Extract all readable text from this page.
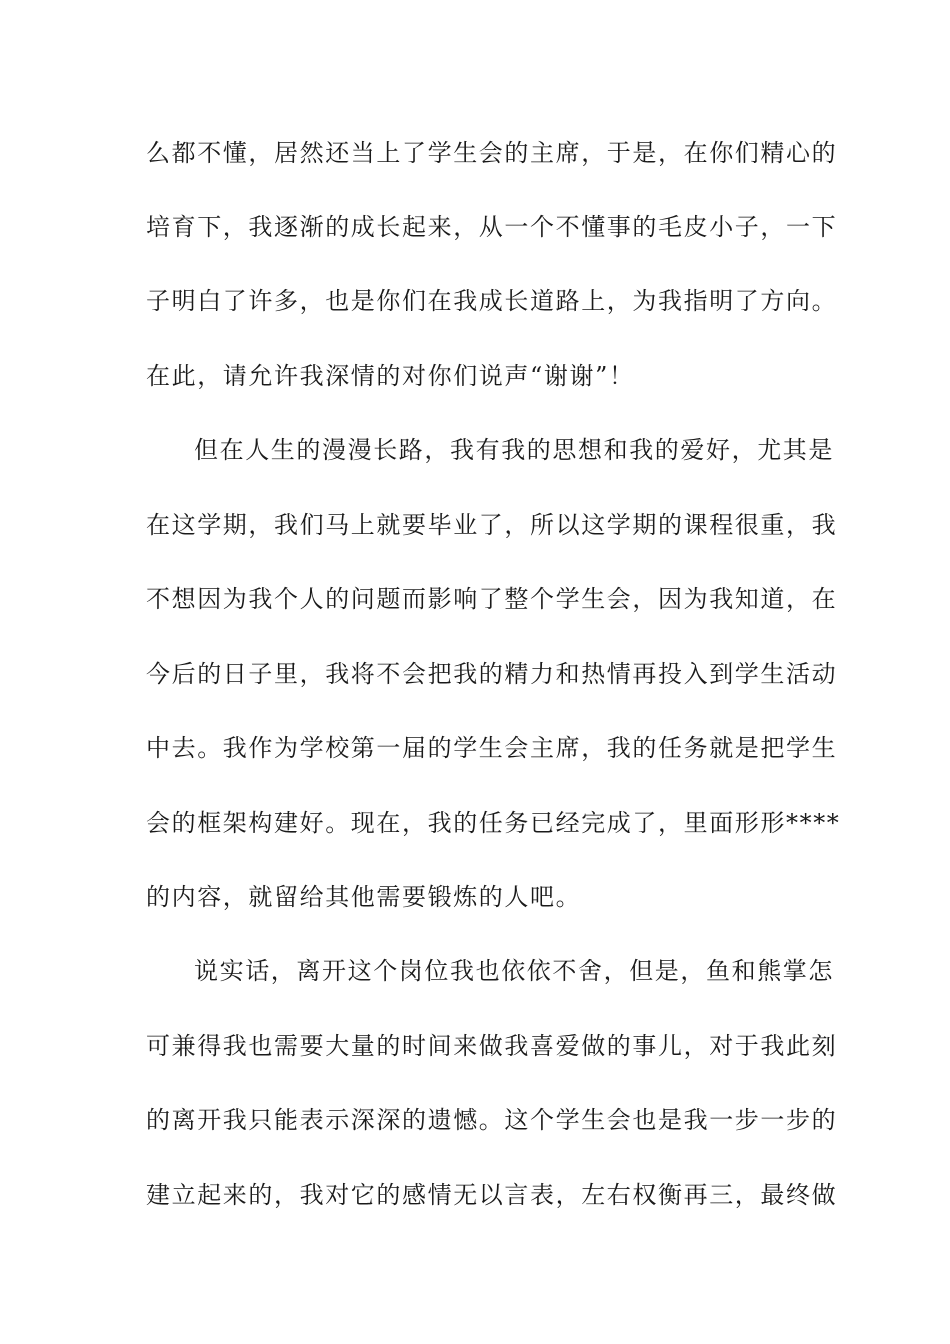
么都不懂，居然还当上了学生会的主席，于是，在你们精心的
培育下，我逐渐的成长起来，从一个不懂事的毛皮小子，一下
子明白了许多，也是你们在我成长道路上，为我指明了方向。
在此，请允许我深情的对你们说声“谢谢”！
但在人生的漫漫长路，我有我的思想和我的爱好，尤其是
在这学期，我们马上就要毕业了，所以这学期的课程很重，我
不想因为我个人的问题而影响了整个学生会，因为我知道，在
今后的日子里，我将不会把我的精力和热情再投入到学生活动
中去。我作为学校第一届的学生会主席，我的任务就是把学生
会的框架构建好。现在，我的任务已经完成了，里面形形****
的内容，就留给其他需要锻炼的人吧。
说实话，离开这个岗位我也依依不舍，但是，鱼和熊掌怎
可兼得我也需要大量的时间来做我喜爱做的事儿，对于我此刻
的离开我只能表示深深的遗憾。这个学生会也是我一步一步的
建立起来的，我对它的感情无以言表，左右权衡再三，最终做
